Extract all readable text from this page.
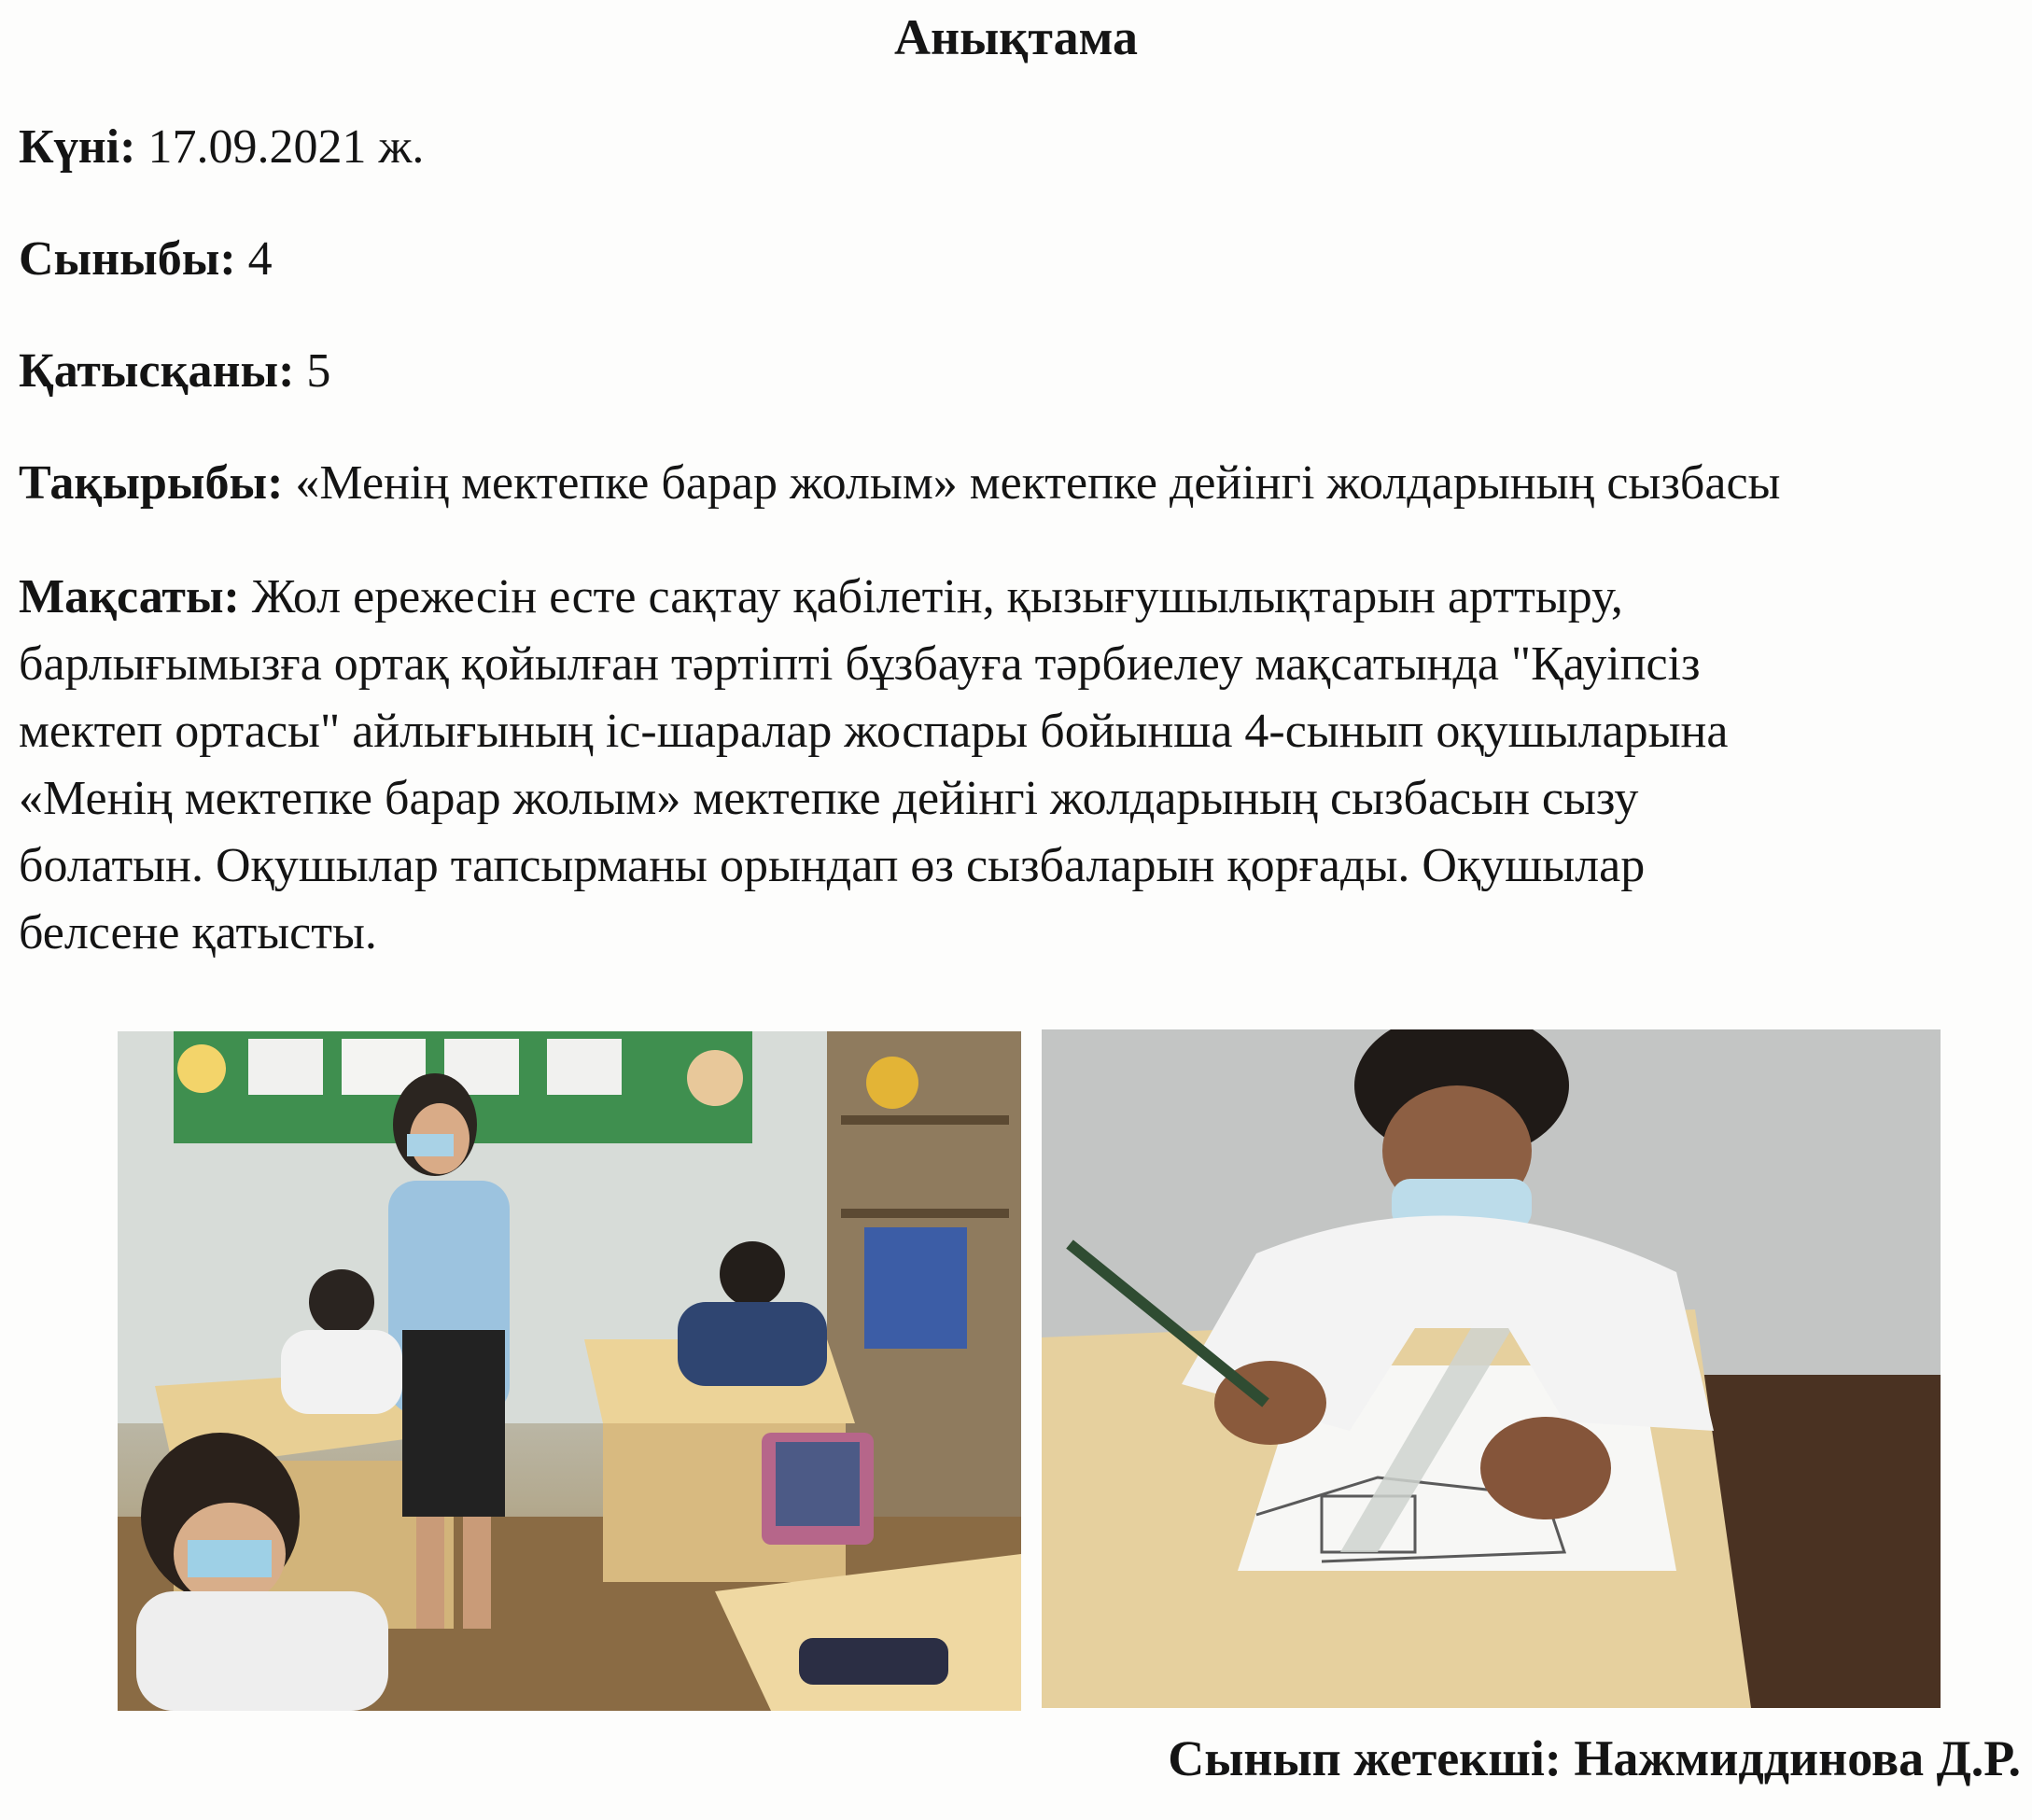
Анықтама
Күні: 17.09.2021 ж.
Сыныбы: 4
Қатысқаны: 5
Тақырыбы: «Менің мектепке барар жолым» мектепке дейінгі жолдарының сызбасы
Мақсаты: Жол ережесін есте сақтау қабілетін, қызығушылықтарын арттыру,
барлығымызға ортақ қойылған тәртіпті бұзбауға тәрбиелеу мақсатында "Қауіпсіз
мектеп ортасы" айлығының іс-шаралар жоспары бойынша 4-сынып оқушыларына
«Менің мектепке барар жолым» мектепке дейінгі жолдарының сызбасын сызу
болатын. Оқушылар тапсырманы орындап өз сызбаларын қорғады. Оқушылар
белсене қатысты.
Сынып жетекші: Нажмиддинова Д.Р.
